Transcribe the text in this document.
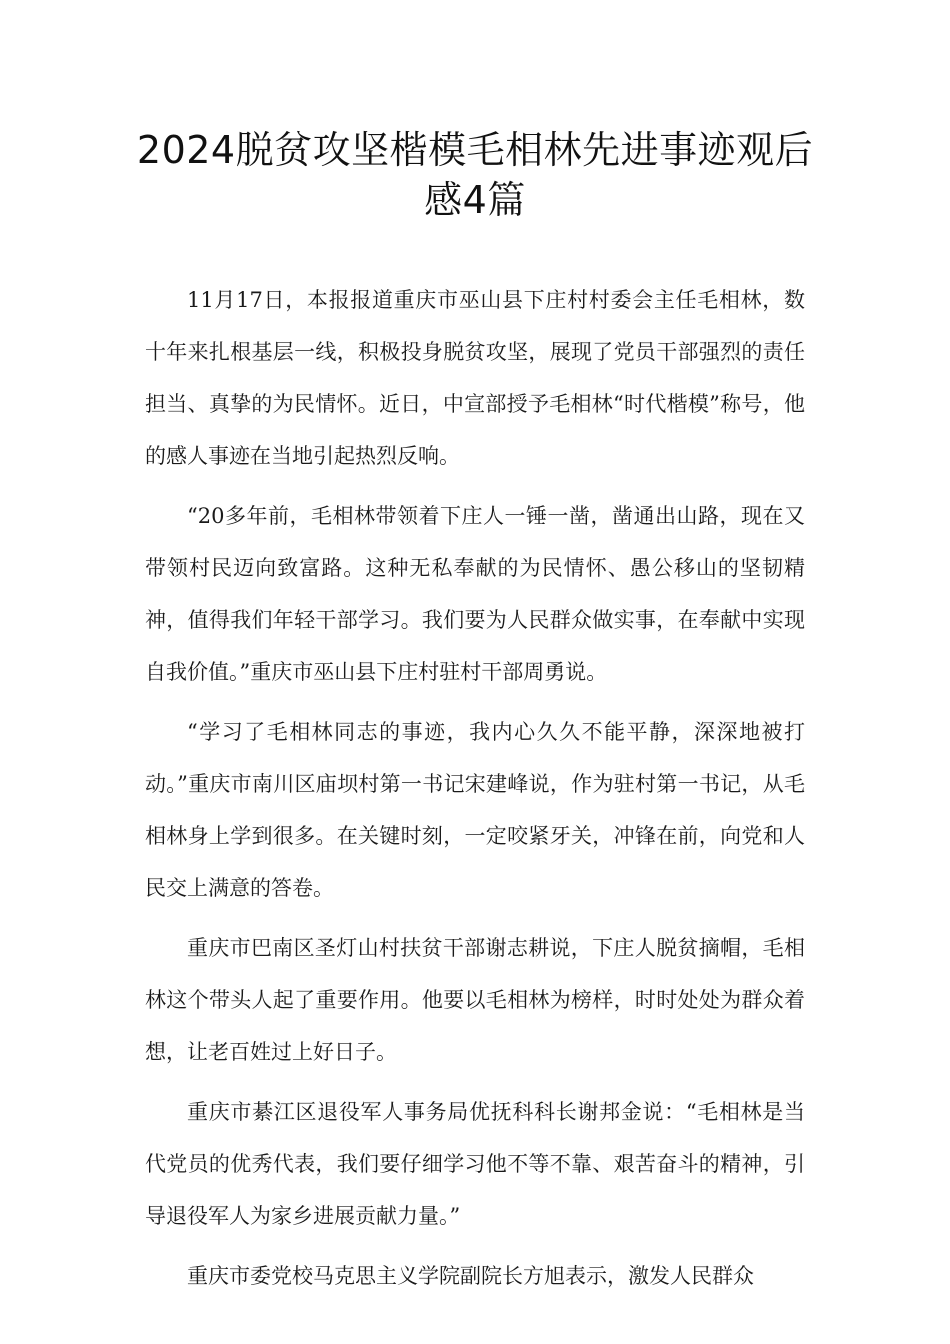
2024脱贫攻坚楷模毛相林先进事迹观后感4篇

11月17日，本报报道重庆市巫山县下庄村村委会主任毛相林，数十年来扎根基层一线，积极投身脱贫攻坚，展现了党员干部强烈的责任担当、真挚的为民情怀。近日，中宣部授予毛相林“时代楷模”称号，他的感人事迹在当地引起热烈反响。

“20多年前，毛相林带领着下庄人一锤一凿，凿通出山路，现在又带领村民迈向致富路。这种无私奉献的为民情怀、愚公移山的坚韧精神，值得我们年轻干部学习。我们要为人民群众做实事，在奉献中实现自我价值。”重庆市巫山县下庄村驻村干部周勇说。

“学习了毛相林同志的事迹，我内心久久不能平静，深深地被打动。”重庆市南川区庙坝村第一书记宋建峰说，作为驻村第一书记，从毛相林身上学到很多。在关键时刻，一定咬紧牙关，冲锋在前，向党和人民交上满意的答卷。

重庆市巴南区圣灯山村扶贫干部谢志耕说，下庄人脱贫摘帽，毛相林这个带头人起了重要作用。他要以毛相林为榜样，时时处处为群众着想，让老百姓过上好日子。

重庆市綦江区退役军人事务局优抚科科长谢邦金说：“毛相林是当代党员的优秀代表，我们要仔细学习他不等不靠、艰苦奋斗的精神，引导退役军人为家乡进展贡献力量。”

重庆市委党校马克思主义学院副院长方旭表示，激发人民群众
